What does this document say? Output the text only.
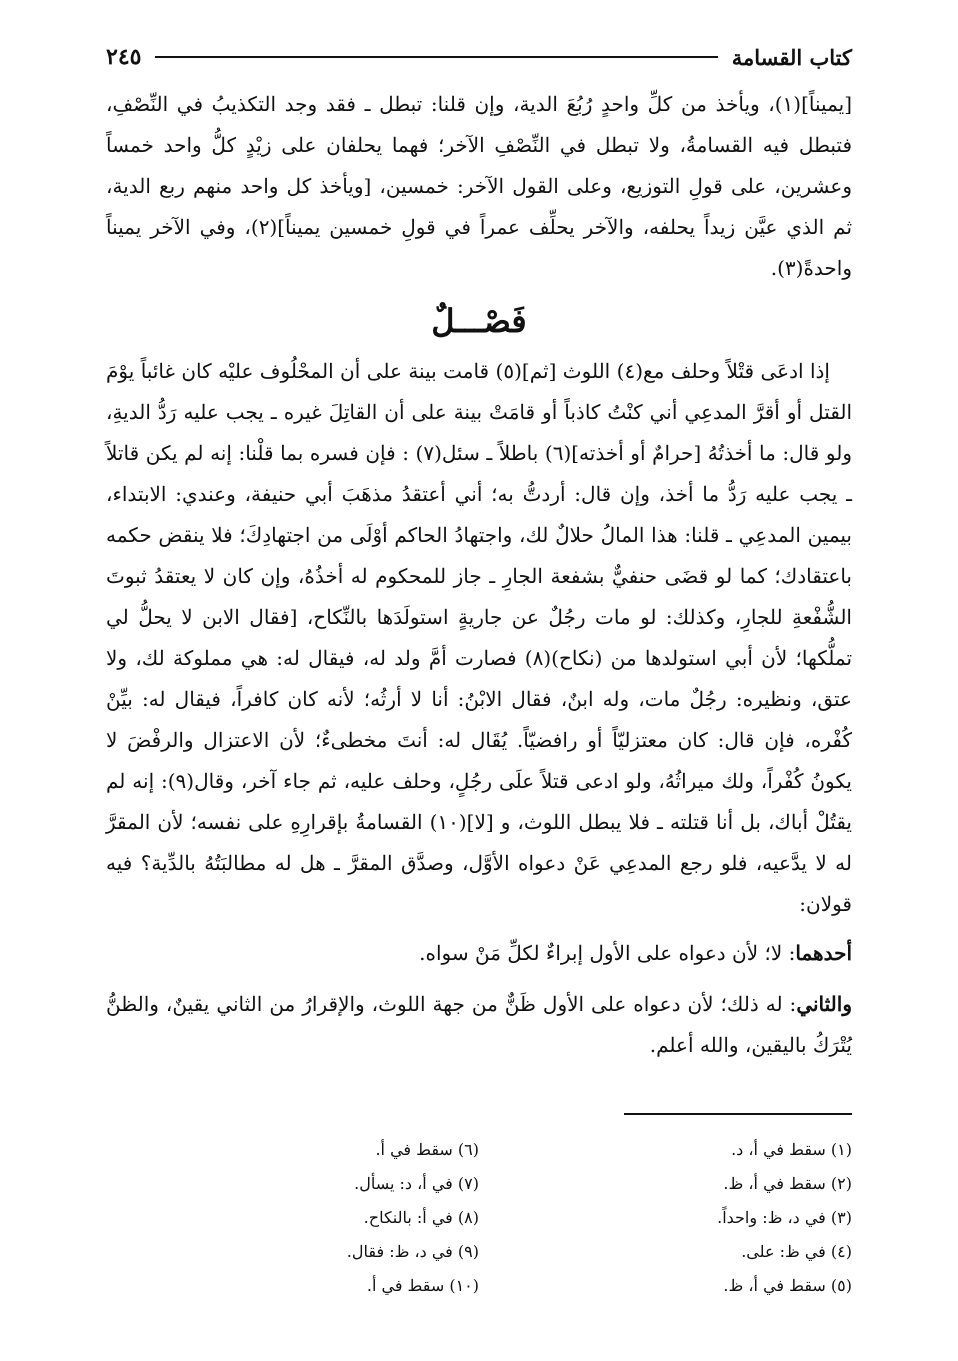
كتاب القسامة
٢٤٥

[يميناً](١)، ويأخذ من كلِّ واحدٍ رُبُعَ الدية، وإن قلنا: تبطل ـ فقد وجد التكذيبُ في النِّصْفِ، فتبطل فيه القسامةُ، ولا تبطل في النِّصْفِ الآخر؛ فهما يحلفان على زيْدٍ كلُّ واحد خمساً وعشرين، على قولِ التوزيع، وعلى القول الآخر: خمسين، [ويأخذ كل واحد منهم ربع الدية، ثم الذي عيَّن زيداً يحلفه، والآخر يحلِّف عمراً في قولِ خمسين يميناً](٢)، وفي الآخر يميناً واحدةً(٣).

فَصْـــلٌ

إذا ادعَى قتْلاً وحلف مع(٤) اللوث [ثم](٥) قامت بينة على أن المحْلُوف عليْه كان غائباً يوْمَ القتل أو أقرَّ المدعِي أني كنْتُ كاذباً أو قامَتْ بينة على أن القاتِلَ غيره ـ يجب عليه رَدُّ الديةِ، ولو قال: ما أخذتُهُ [حرامٌ أو أخذته](٦) باطلاً ـ سئل(٧) : فإن فسره بما قلْنا: إنه لم يكن قاتلاً ـ يجب عليه رَدُّ ما أخذ، وإن قال: أردتُّ به؛ أني أعتقدُ مذهَبَ أبي حنيفة، وعندي: الابتداء، بيمين المدعِي ـ قلنا: هذا المالُ حلالٌ لك، واجتهادُ الحاكم أوْلَى من اجتهادِكَ؛ فلا ينقض حكمه باعتقادك؛ كما لو قضَى حنفيٌّ بشفعة الجارِ ـ جاز للمحكوم له أخذُهُ، وإن كان لا يعتقدُ ثبوتَ الشُّفْعةِ للجارِ، وكذلك: لو مات رجُلٌ عن جاريةٍ استولَدَها بالنِّكاح، [فقال الابن لا يحلُّ لي تملُّكها؛ لأن أبي استولدها من (نكاح)(٨) فصارت أمَّ ولد له، فيقال له: هي مملوكة لك، ولا عتق، ونظيره: رجُلٌ مات، وله ابنٌ، فقال الابْنُ: أنا لا أرثُه؛ لأنه كان كافراً، فيقال له: بيِّنْ كُفْره، فإن قال: كان معتزليّاً أو رافضيّاً. يُقَال له: أنتَ مخطىءٌ؛ لأن الاعتزال والرفْضَ لا يكونُ كُفْراً، ولك ميراثُهُ، ولو ادعى قتلاً علَى رجُلٍ، وحلف عليه، ثم جاء آخر، وقال(٩): إنه لم يقتُلْ أباك، بل أنا قتلته ـ فلا يبطل اللوث، و [لا](١٠) القسامةُ بإقرارِهِ على نفسه؛ لأن المقرَّ له لا يدَّعيه، فلو رجع المدعِي عَنْ دعواه الأوَّل، وصدَّق المقرَّ ـ هل له مطالبَتُهُ بالدِّية؟ فيه قولان:

أحدهما: لا؛ لأن دعواه على الأول إبراءٌ لكلِّ مَنْ سواه.

والثاني: له ذلك؛ لأن دعواه على الأول ظَنٌّ من جهة اللوث، والإقرارُ من الثاني يقينٌ، والظنُّ يُتْرَكُ باليقين، والله أعلم.

(١) سقط في أ، د.
(٢) سقط في أ، ظ.
(٣) في د، ظ: واحداً.
(٤) في ظ: على.
(٥) سقط في أ، ظ.
(٦) سقط في أ.
(٧) في أ، د: يسأل.
(٨) في أ: بالنكاح.
(٩) في د، ظ: فقال.
(١٠) سقط في أ.
